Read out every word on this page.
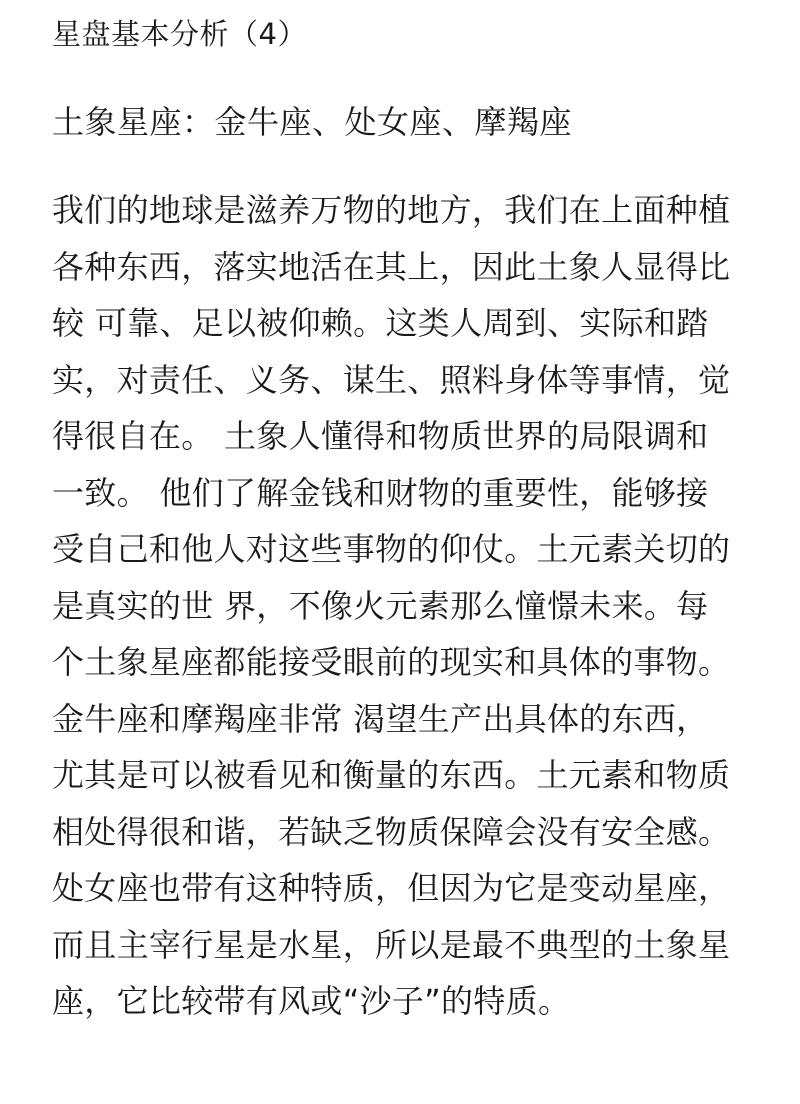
星盘基本分析（4）
土象星座：金牛座、处女座、摩羯座
我们的地球是滋养万物的地方，我们在上面种植
各种东西，落实地活在其上，因此土象人显得比
较 可靠、足以被仰赖。这类人周到、实际和踏
实，对责任、义务、谋生、照料身体等事情，觉
得很自在。 土象人懂得和物质世界的局限调和
一致。 他们了解金钱和财物的重要性，能够接
受自己和他人对这些事物的仰仗。土元素关切的
是真实的世 界，不像火元素那么憧憬未来。每
个土象星座都能接受眼前的现实和具体的事物。
金牛座和摩羯座非常 渴望生产出具体的东西，
尤其是可以被看见和衡量的东西。土元素和物质
相处得很和谐，若缺乏物质保障会没有安全感。
处女座也带有这种特质，但因为它是变动星座，
而且主宰行星是水星，所以是最不典型的土象星
座，它比较带有风或“沙子”的特质。
